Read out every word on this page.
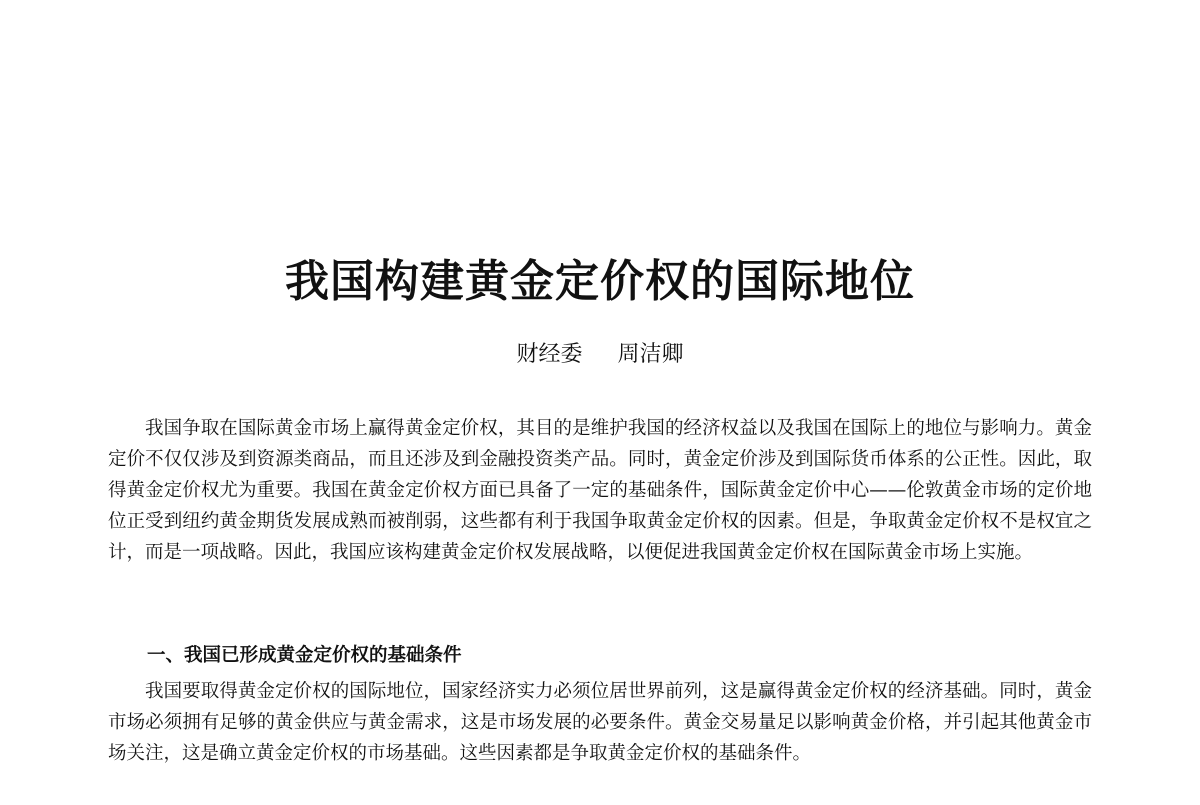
我国构建黄金定价权的国际地位

财经委 周洁卿

我国争取在国际黄金市场上赢得黄金定价权，其目的是维护我国的经济权益以及我国在国际上的地位与影响力。黄金定价不仅仅涉及到资源类商品，而且还涉及到金融投资类产品。同时，黄金定价涉及到国际货币体系的公正性。因此，取得黄金定价权尤为重要。我国在黄金定价权方面已具备了一定的基础条件，国际黄金定价中心——伦敦黄金市场的定价地位正受到纽约黄金期货发展成熟而被削弱，这些都有利于我国争取黄金定价权的因素。但是，争取黄金定价权不是权宜之计，而是一项战略。因此，我国应该构建黄金定价权发展战略，以便促进我国黄金定价权在国际黄金市场上实施。

一、我国已形成黄金定价权的基础条件

我国要取得黄金定价权的国际地位，国家经济实力必须位居世界前列，这是赢得黄金定价权的经济基础。同时，黄金市场必须拥有足够的黄金供应与黄金需求，这是市场发展的必要条件。黄金交易量足以影响黄金价格，并引起其他黄金市场关注，这是确立黄金定价权的市场基础。这些因素都是争取黄金定价权的基础条件。
